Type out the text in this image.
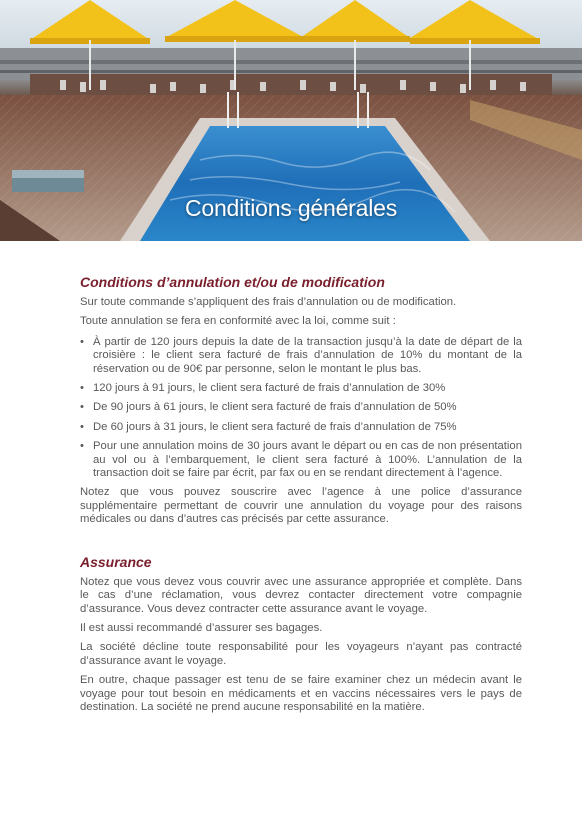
Conditions générales
Conditions d’annulation et/ou de modification

Sur toute commande s’appliquent des frais d’annulation ou de modification.

Toute annulation se fera en conformité avec la loi, comme suit :

• À partir de 120 jours depuis la date de la transaction jusqu’à la date de départ de la croisière : le client sera facturé de frais d’annulation de 10% du montant de la réservation ou de 90€ par personne, selon le montant le plus bas.
• 120 jours à 91 jours, le client sera facturé de frais d’annulation de 30%
• De 90 jours à 61 jours, le client sera facturé de frais d’annulation de 50%
• De 60 jours à 31 jours, le client sera facturé de frais d’annulation de 75%
• Pour une annulation moins de 30 jours avant le départ ou en cas de non présentation au vol ou à l’embarquement, le client sera facturé à 100%. L’annulation de la transaction doit se faire par écrit, par fax ou en se rendant directement à l’agence.

Notez que vous pouvez souscrire avec l’agence à une police d’assurance supplémentaire permettant de couvrir une annulation du voyage pour des raisons médicales ou dans d’autres cas précisés par cette assurance.

Assurance

Notez que vous devez vous couvrir avec une assurance appropriée et complète. Dans le cas d’une réclamation, vous devrez contacter directement votre compagnie d’assurance. Vous devez contracter cette assurance avant le voyage.

Il est aussi recommandé d’assurer ses bagages.

La société décline toute responsabilité pour les voyageurs n’ayant pas contracté d’assurance avant le voyage.

En outre, chaque passager est tenu de se faire examiner chez un médecin avant le voyage pour tout besoin en médicaments et en vaccins nécessaires vers le pays de destination. La société ne prend aucune responsabilité en la matière.
